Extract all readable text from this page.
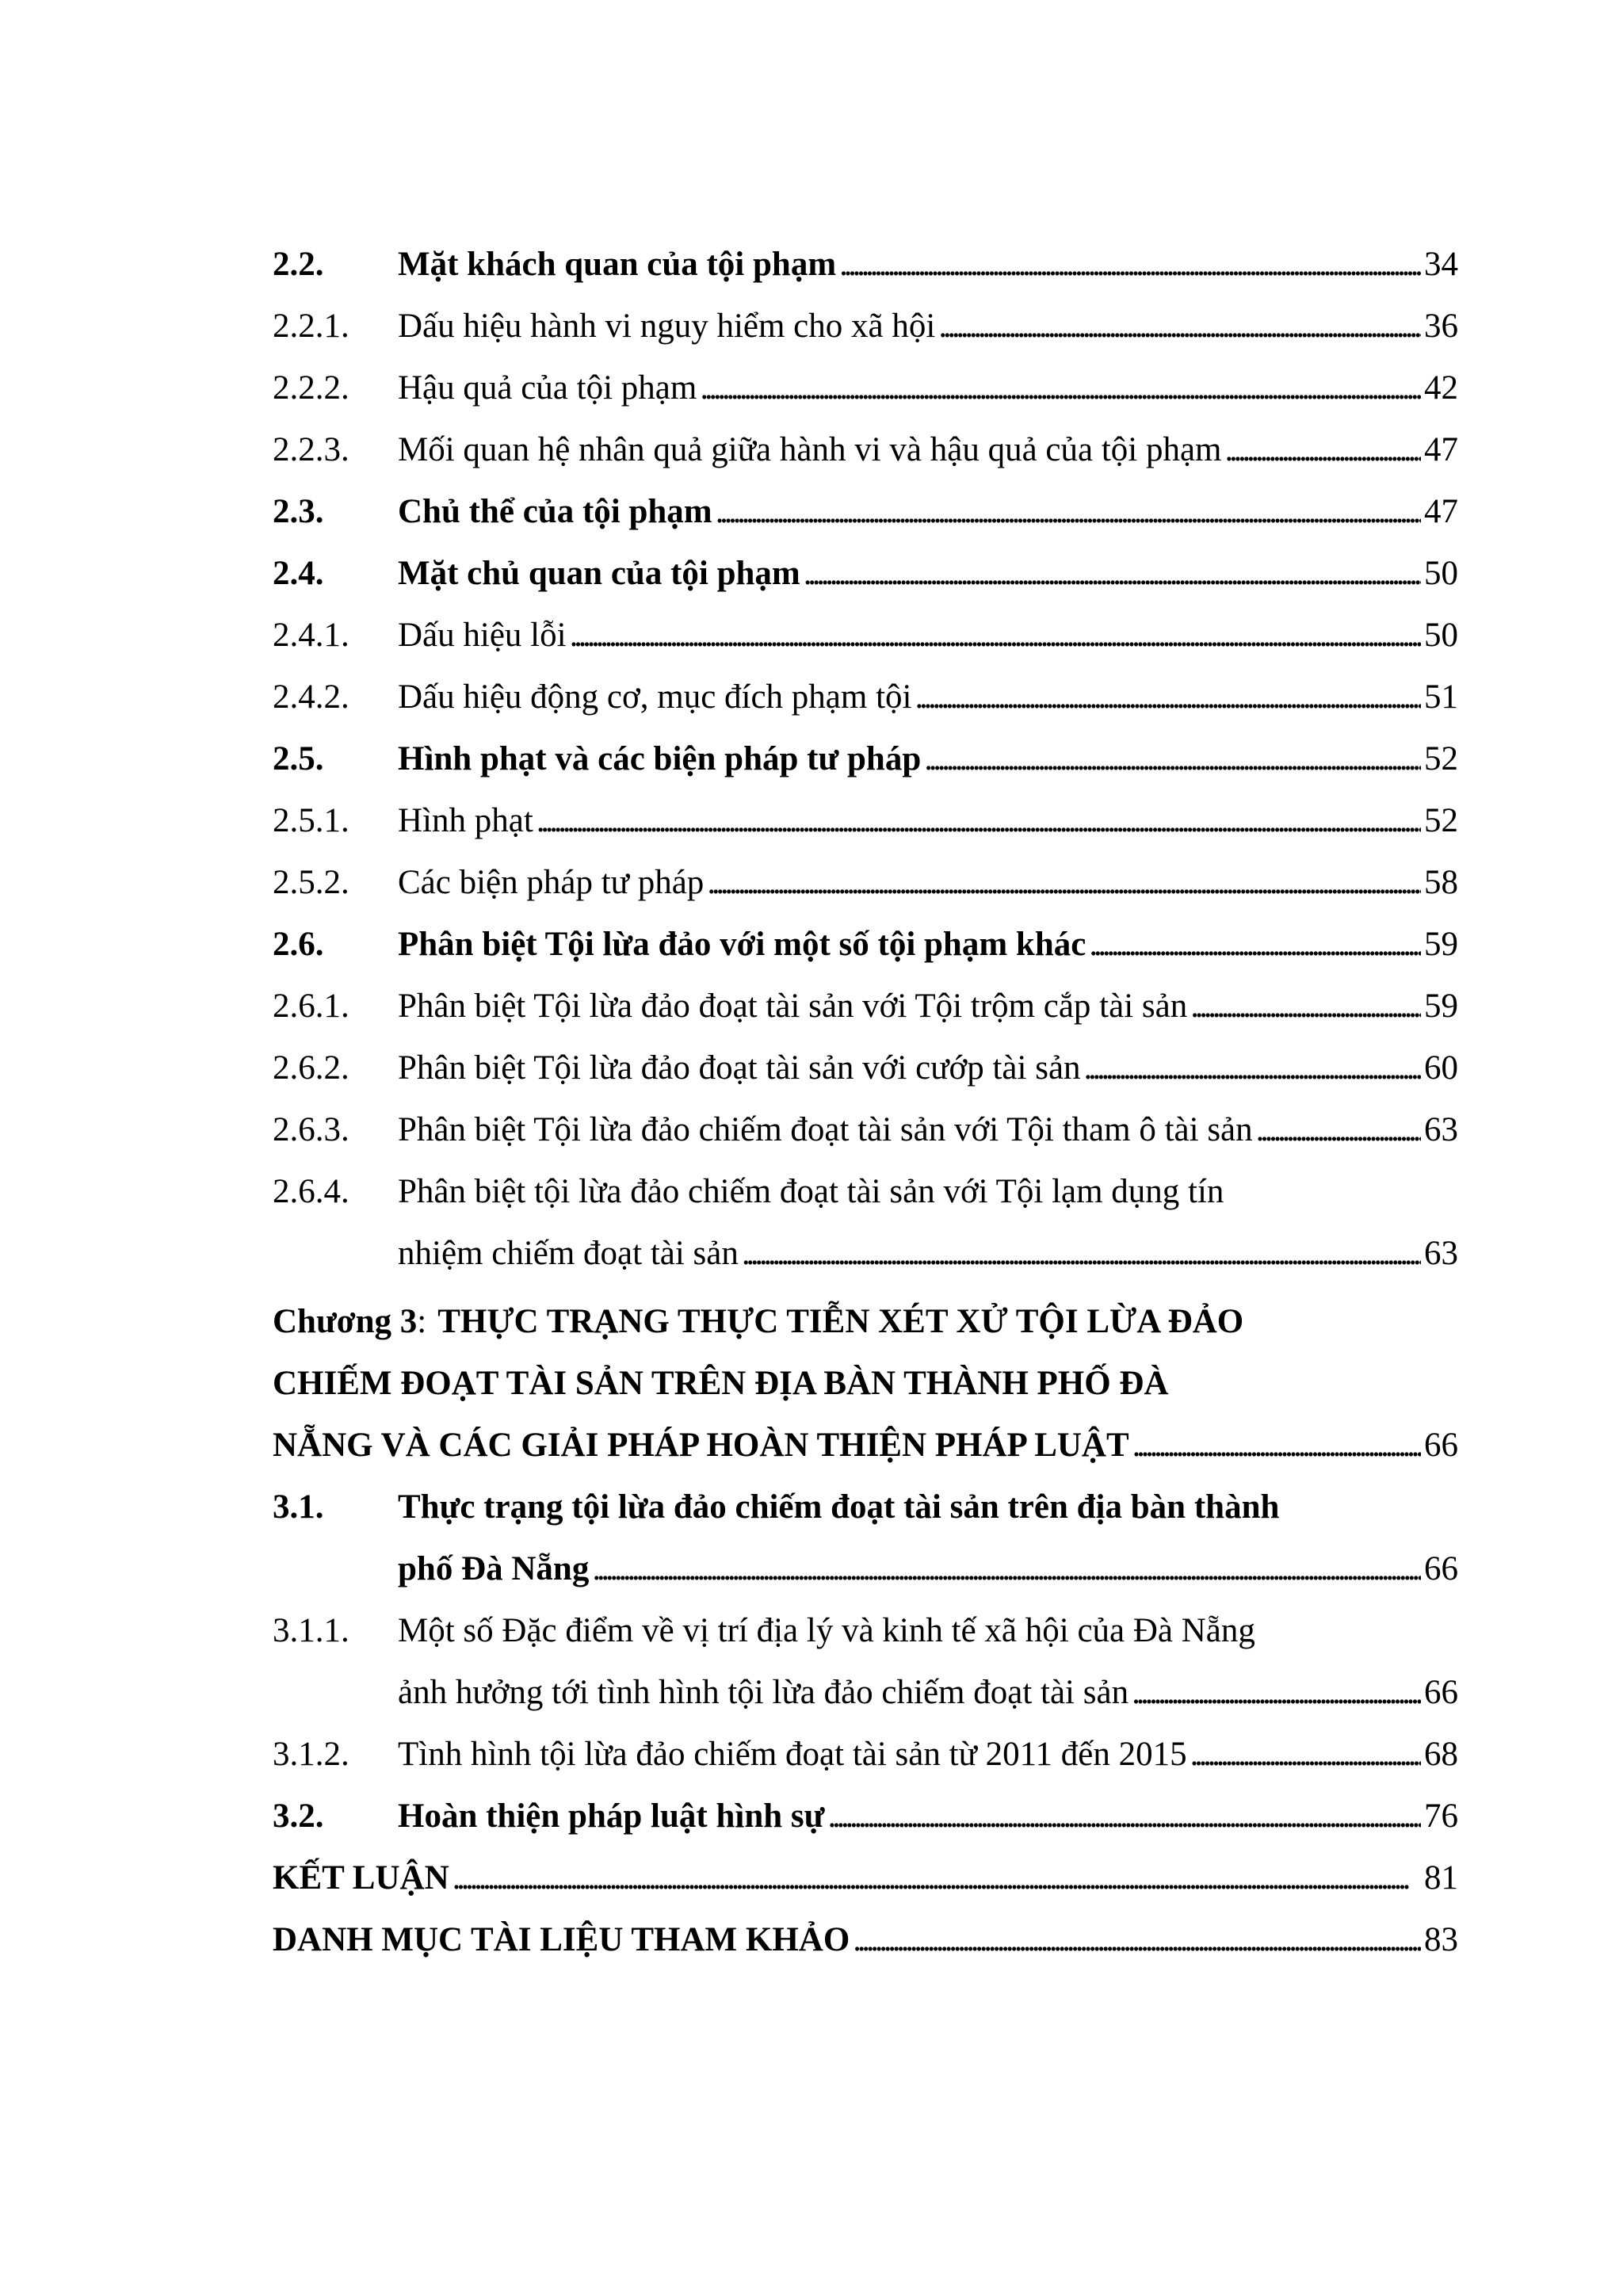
2.2.	Mặt khách quan của tội phạm . . .	34
2.2.1.	Dấu hiệu hành vi nguy hiểm cho xã hội . . .	36
2.2.2.	Hậu quả của tội phạm . . .	42
2.2.3.	Mối quan hệ nhân quả giữa hành vi và hậu quả của tội phạm . . .	47
2.3.	Chủ thể của tội phạm . . .	47
2.4.	Mặt chủ quan của tội phạm . . .	50
2.4.1.	Dấu hiệu lỗi . . .	50
2.4.2.	Dấu hiệu động cơ, mục đích phạm tội . . .	51
2.5.	Hình phạt và các biện pháp tư pháp . . .	52
2.5.1.	Hình phạt . . .	52
2.5.2.	Các biện pháp tư pháp . . .	58
2.6.	Phân biệt Tội lừa đảo với một số tội phạm khác . . .	59
2.6.1.	Phân biệt Tội lừa đảo đoạt tài sản với Tội trộm cắp tài sản . . .	59
2.6.2.	Phân biệt Tội lừa đảo đoạt tài sản với cướp tài sản . . .	60
2.6.3.	Phân biệt Tội lừa đảo chiếm đoạt tài sản với Tội tham ô tài sản . . .	63
2.6.4.	Phân biệt tội lừa đảo chiếm đoạt tài sản với Tội lạm dụng tín
nhiệm chiếm đoạt tài sản . . .	63
Chương 3 : THỰC TRẠNG THỰC TIỄN XÉT XỬ TỘI LỪA ĐẢO
CHIẾM ĐOẠT TÀI SẢN TRÊN ĐỊA BÀN THÀNH PHỐ ĐÀ
NẴNG VÀ CÁC GIẢI PHÁP HOÀN THIỆN PHÁP LUẬT . . .	66
3.1.	Thực trạng tội lừa đảo chiếm đoạt tài sản trên địa bàn thành
phố Đà Nẵng . . .	66
3.1.1.	Một số Đặc điểm về vị trí địa lý và kinh tế xã hội của Đà Nẵng
ảnh hưởng tới tình hình tội lừa đảo chiếm đoạt tài sản . . .	66
3.1.2.	Tình hình tội lừa đảo chiếm đoạt tài sản từ 2011 đến 2015 . . .	68
3.2.	Hoàn thiện pháp luật hình sự . . .	76
KẾT LUẬN . . .	81
DANH MỤC TÀI LIỆU THAM KHẢO . . .	83
